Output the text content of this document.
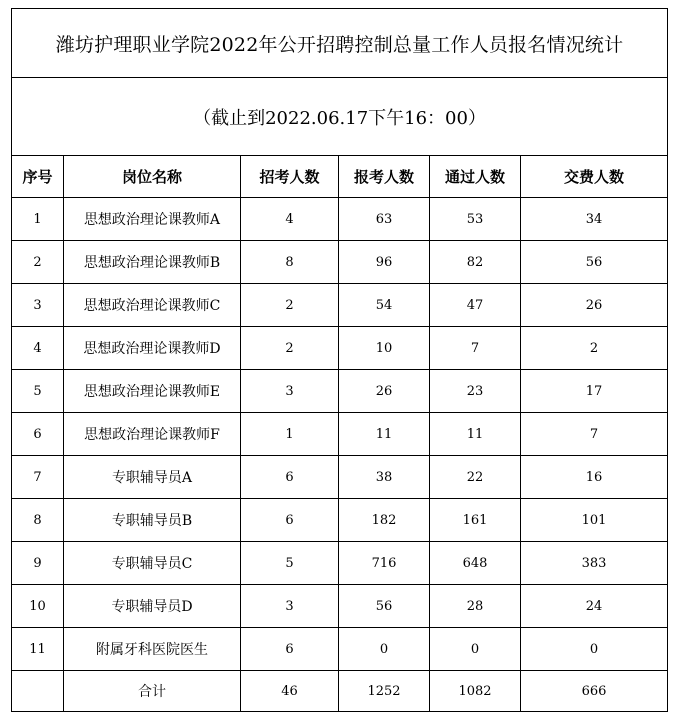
潍坊护理职业学院2022年公开招聘控制总量工作人员报名情况统计					
（截止到2022.06.17下午16：00）					
序号	岗位名称	招考人数	报考人数	通过人数	交费人数
1	思想政治理论课教师A	4	63	53	34
2	思想政治理论课教师B	8	96	82	56
3	思想政治理论课教师C	2	54	47	26
4	思想政治理论课教师D	2	10	7	2
5	思想政治理论课教师E	3	26	23	17
6	思想政治理论课教师F	1	11	11	7
7	专职辅导员A	6	38	22	16
8	专职辅导员B	6	182	161	101
9	专职辅导员C	5	716	648	383
10	专职辅导员D	3	56	28	24
11	附属牙科医院医生	6	0	0	0
	合计	46	1252	1082	666
